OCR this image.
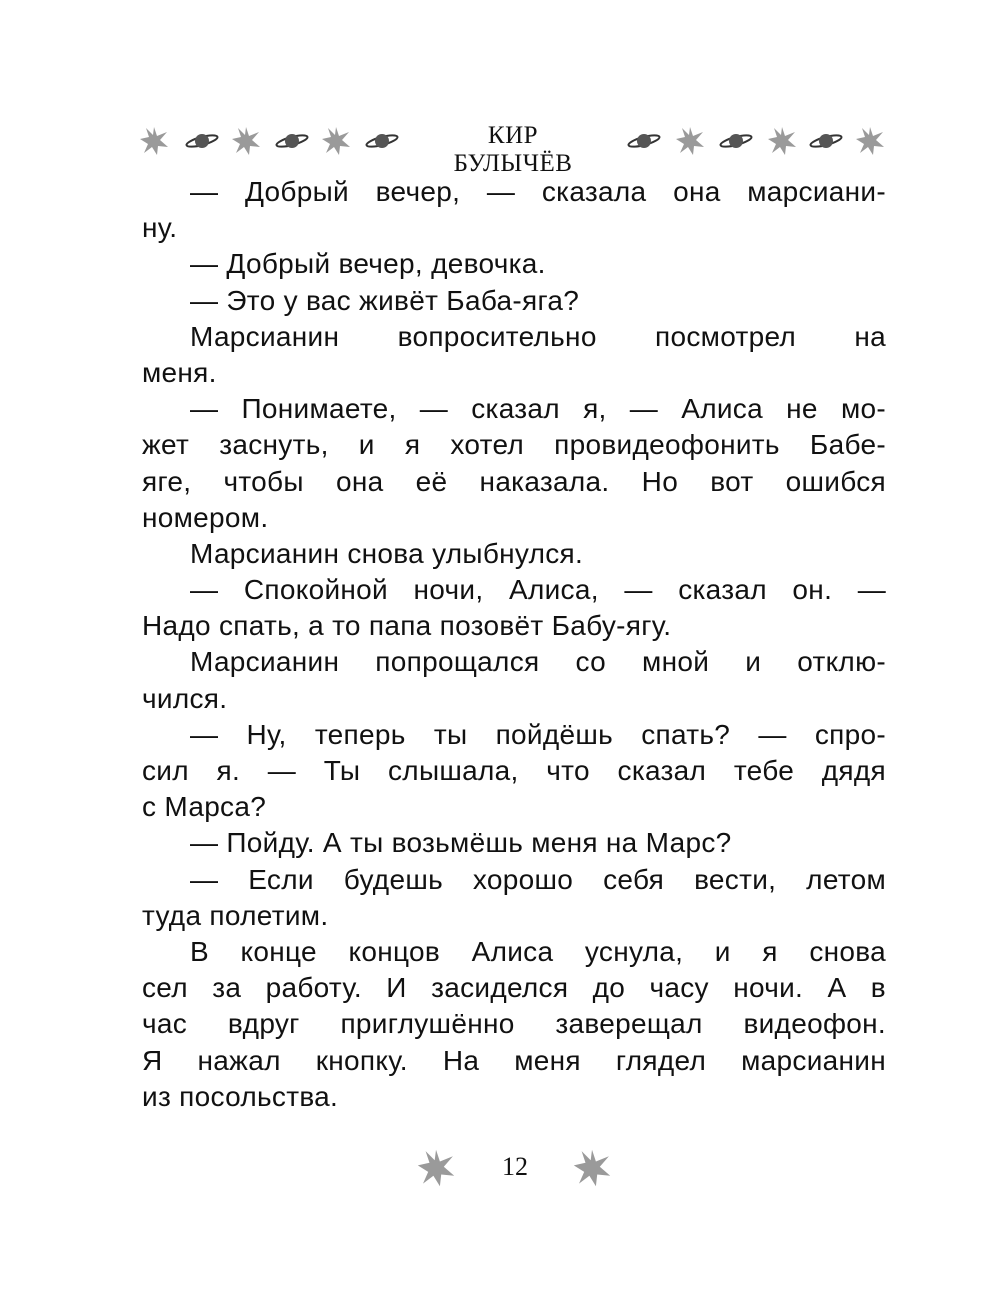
КИР БУЛЫЧЁВ
— Добрый вечер, — сказала она марсиани-
ну.
— Добрый вечер, девочка.
— Это у вас живёт Баба-яга?
Марсианин вопросительно посмотрел на
меня.
— Понимаете, — сказал я, — Алиса не мо-
жет заснуть, и я хотел провидеофонить Бабе-
яге, чтобы она её наказала. Но вот ошибся
номером.
Марсианин снова улыбнулся.
— Спокойной ночи, Алиса, — сказал он. —
Надо спать, а то папа позовёт Бабу-ягу.
Марсианин попрощался со мной и отклю-
чился.
— Ну, теперь ты пойдёшь спать? — спро-
сил я. — Ты слышала, что сказал тебе дядя
с Марса?
— Пойду. А ты возьмёшь меня на Марс?
— Если будешь хорошо себя вести, летом
туда полетим.
В конце концов Алиса уснула, и я снова
сел за работу. И засиделся до часу ночи. А в
час вдруг приглушённо заверещал видеофон.
Я нажал кнопку. На меня глядел марсианин
из посольства.
12
